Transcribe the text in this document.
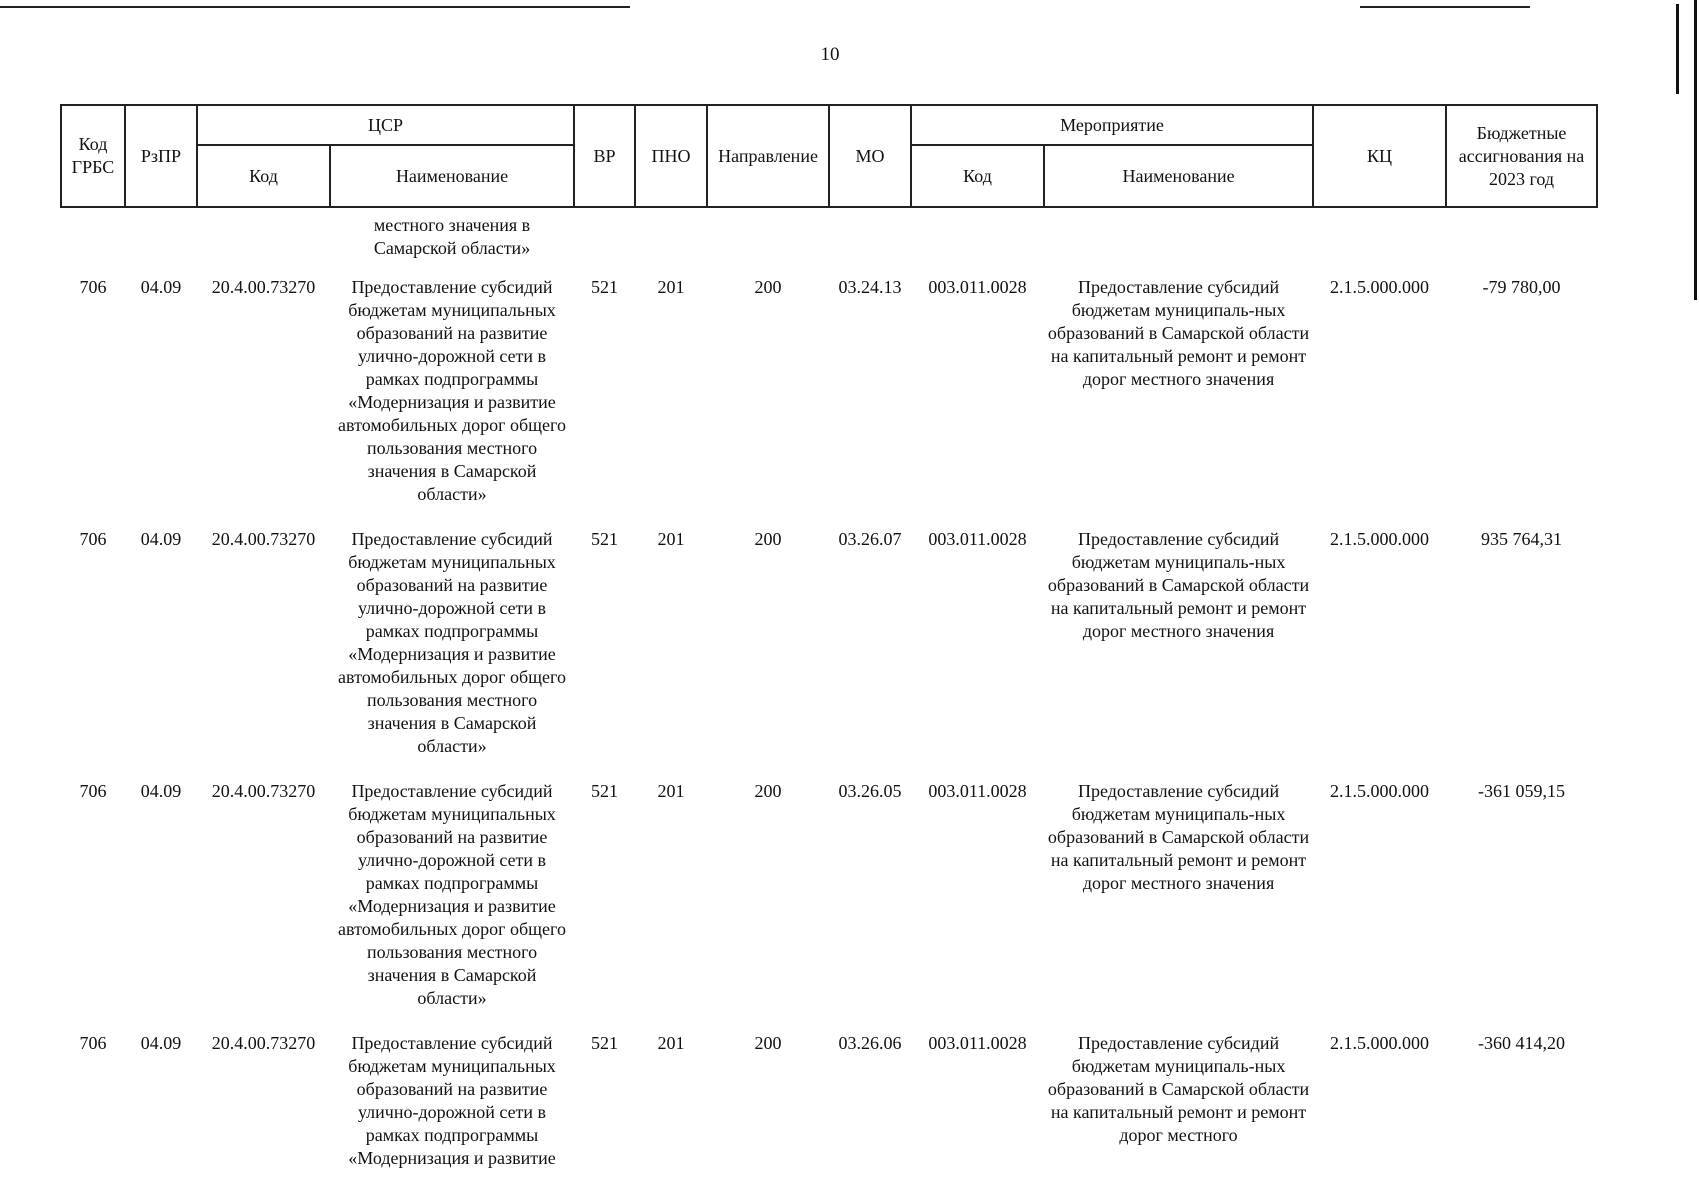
10
Код ГРБС	РзПР	ЦСР		ВР	ПНО	Направление	МО	Мероприятие		КЦ	Бюджетные ассигнования на 2023 год
		Код	Наименование					Код	Наименование		
			местного значения в Самарской области»								
706	04.09	20.4.00.73270	Предоставление субсидий бюджетам муниципальных образований на развитие улично-дорожной сети в рамках подпрограммы «Модернизация и развитие автомобильных дорог общего пользования местного значения в Самарской области»	521	201	200	03.24.13	003.011.0028	Предоставление субсидий бюджетам муниципаль-ных образований в Самарской области на капитальный ремонт и ремонт дорог местного значения	2.1.5.000.000	-79 780,00
706	04.09	20.4.00.73270	Предоставление субсидий бюджетам муниципальных образований на развитие улично-дорожной сети в рамках подпрограммы «Модернизация и развитие автомобильных дорог общего пользования местного значения в Самарской области»	521	201	200	03.26.07	003.011.0028	Предоставление субсидий бюджетам муниципаль-ных образований в Самарской области на капитальный ремонт и ремонт дорог местного значения	2.1.5.000.000	935 764,31
706	04.09	20.4.00.73270	Предоставление субсидий бюджетам муниципальных образований на развитие улично-дорожной сети в рамках подпрограммы «Модернизация и развитие автомобильных дорог общего пользования местного значения в Самарской области»	521	201	200	03.26.05	003.011.0028	Предоставление субсидий бюджетам муниципаль-ных образований в Самарской области на капитальный ремонт и ремонт дорог местного значения	2.1.5.000.000	-361 059,15
706	04.09	20.4.00.73270	Предоставление субсидий бюджетам муниципальных образований на развитие улично-дорожной сети в рамках подпрограммы «Модернизация и развитие	521	201	200	03.26.06	003.011.0028	Предоставление субсидий бюджетам муниципаль-ных образований в Самарской области на капитальный ремонт и ремонт дорог местного	2.1.5.000.000	-360 414,20
